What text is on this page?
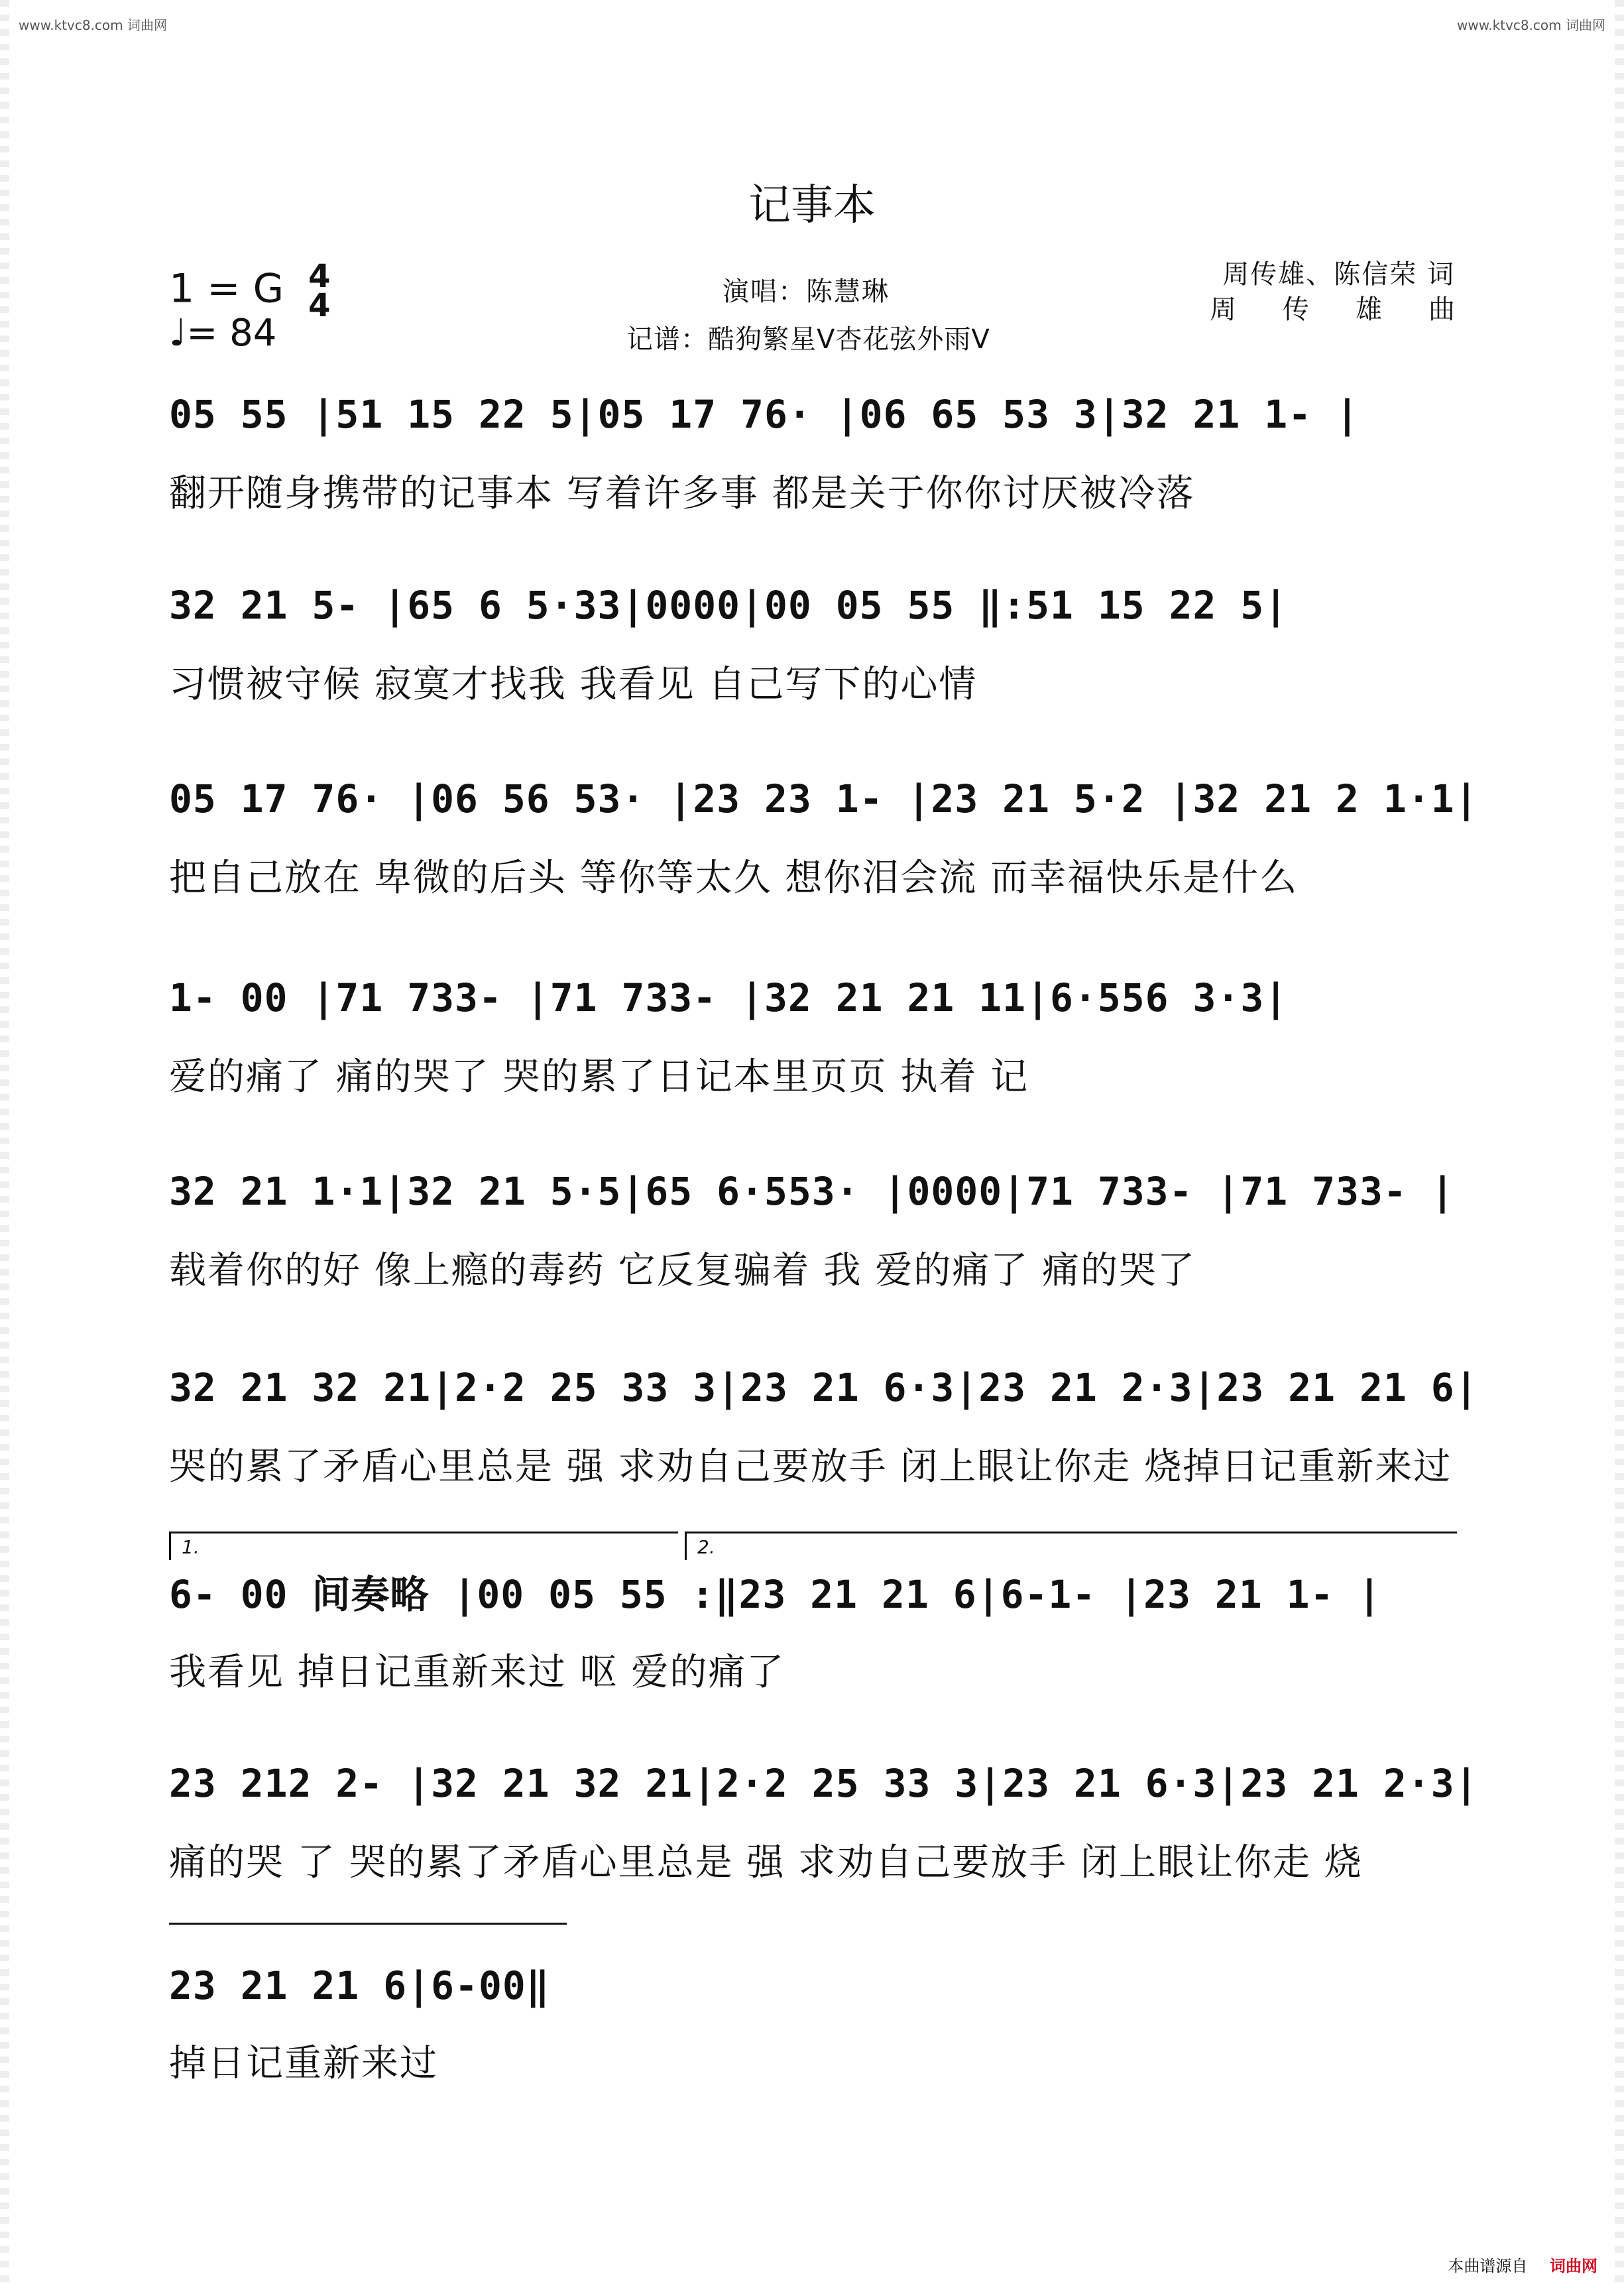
www.ktvc8.com 词曲网	www.ktvc8.com 词曲网
记事本
1 = G 4
4
♩= 84
演唱：陈慧琳
记谱：酷狗繁星V杏花弦外雨V
周传雄、陈信荣 词
周传雄曲
05 55 |51 15 22 5|05 17 76· |06 65 53 3|32 21 1- |
翻开随身携带的记事本 写着许多事 都是关于你你讨厌被冷落
32 21 5- |65 6 5·33|0000|00 05 55 ‖:51 15 22 5|
习惯被守候 寂寞才找我 我看见 自己写下的心情
05 17 76· |06 56 53· |23 23 1- |23 21 5·2 |32 21 2 1·1|
把自己放在 卑微的后头 等你等太久 想你泪会流 而幸福快乐是什么
1- 00 |71 733- |71 733- |32 21 21 11|6·556 3·3|
爱的痛了 痛的哭了 哭的累了日记本里页页 执着 记
32 21 1·1|32 21 5·5|65 6·553· |0000|71 733- |71 733- |
载着你的好 像上瘾的毒药 它反复骗着 我 爱的痛了 痛的哭了
32 21 32 21|2·2 25 33 3|23 21 6·3|23 21 2·3|23 21 21 6|
哭的累了矛盾心里总是 强 求劝自己要放手 闭上眼让你走 烧掉日记重新来过
1.	2.
6- 00 间奏略 |00 05 55 :‖23 21 21 6|6-1- |23 21 1- |
我看见 掉日记重新来过 呕 爱的痛了
23 212 2- |32 21 32 21|2·2 25 33 3|23 21 6·3|23 21 2·3|
痛的哭 了 哭的累了矛盾心里总是 强 求劝自己要放手 闭上眼让你走 烧
23 21 21 6|6-00‖
掉日记重新来过
本曲谱源自 词曲网
